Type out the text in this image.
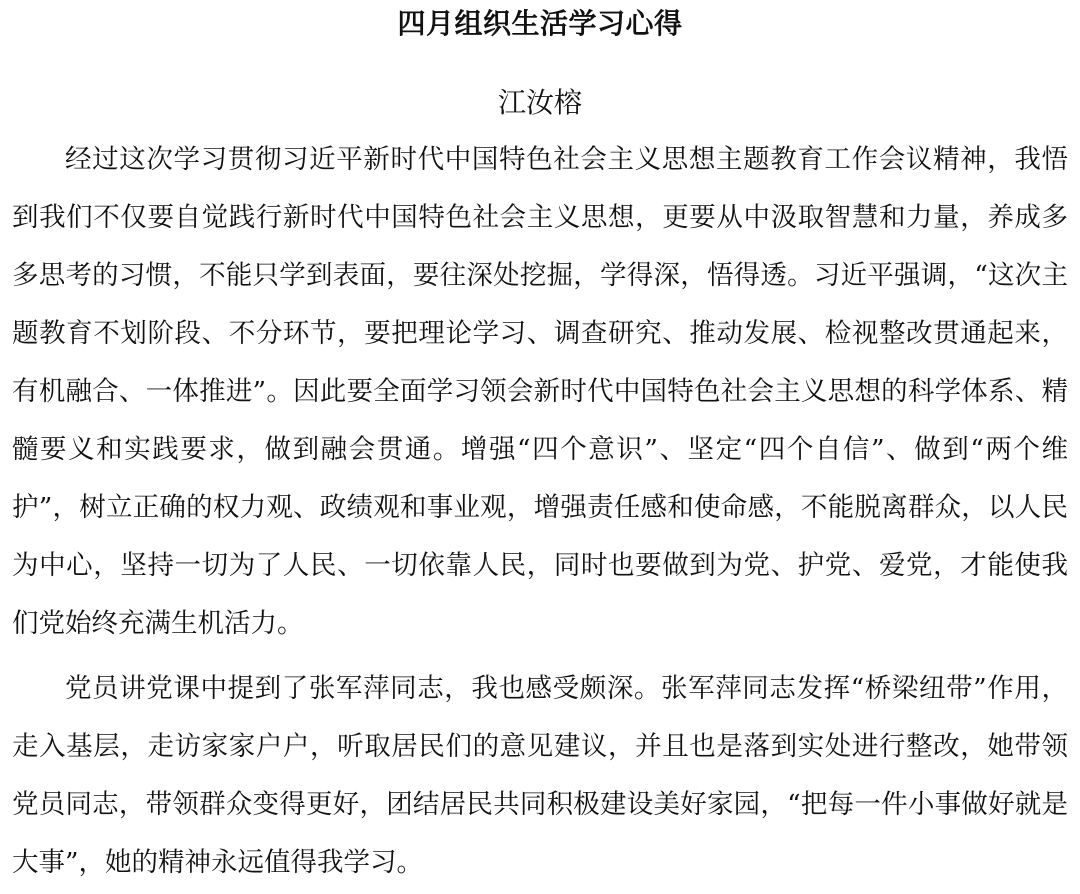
四月组织生活学习心得
江汝榕

经过这次学习贯彻习近平新时代中国特色社会主义思想主题教育工作会议精神，我悟到我们不仅要自觉践行新时代中国特色社会主义思想，更要从中汲取智慧和力量，养成多多思考的习惯，不能只学到表面，要往深处挖掘，学得深，悟得透。习近平强调，“这次主题教育不划阶段、不分环节，要把理论学习、调查研究、推动发展、检视整改贯通起来，有机融合、一体推进”。因此要全面学习领会新时代中国特色社会主义思想的科学体系、精髓要义和实践要求，做到融会贯通。增强“四个意识”、坚定“四个自信”、做到“两个维护”，树立正确的权力观、政绩观和事业观，增强责任感和使命感，不能脱离群众，以人民为中心，坚持一切为了人民、一切依靠人民，同时也要做到为党、护党、爱党，才能使我们党始终充满生机活力。

党员讲党课中提到了张军萍同志，我也感受颇深。张军萍同志发挥“桥梁纽带”作用，走入基层，走访家家户户，听取居民们的意见建议，并且也是落到实处进行整改，她带领党员同志，带领群众变得更好，团结居民共同积极建设美好家园，“把每一件小事做好就是大事”，她的精神永远值得我学习。
